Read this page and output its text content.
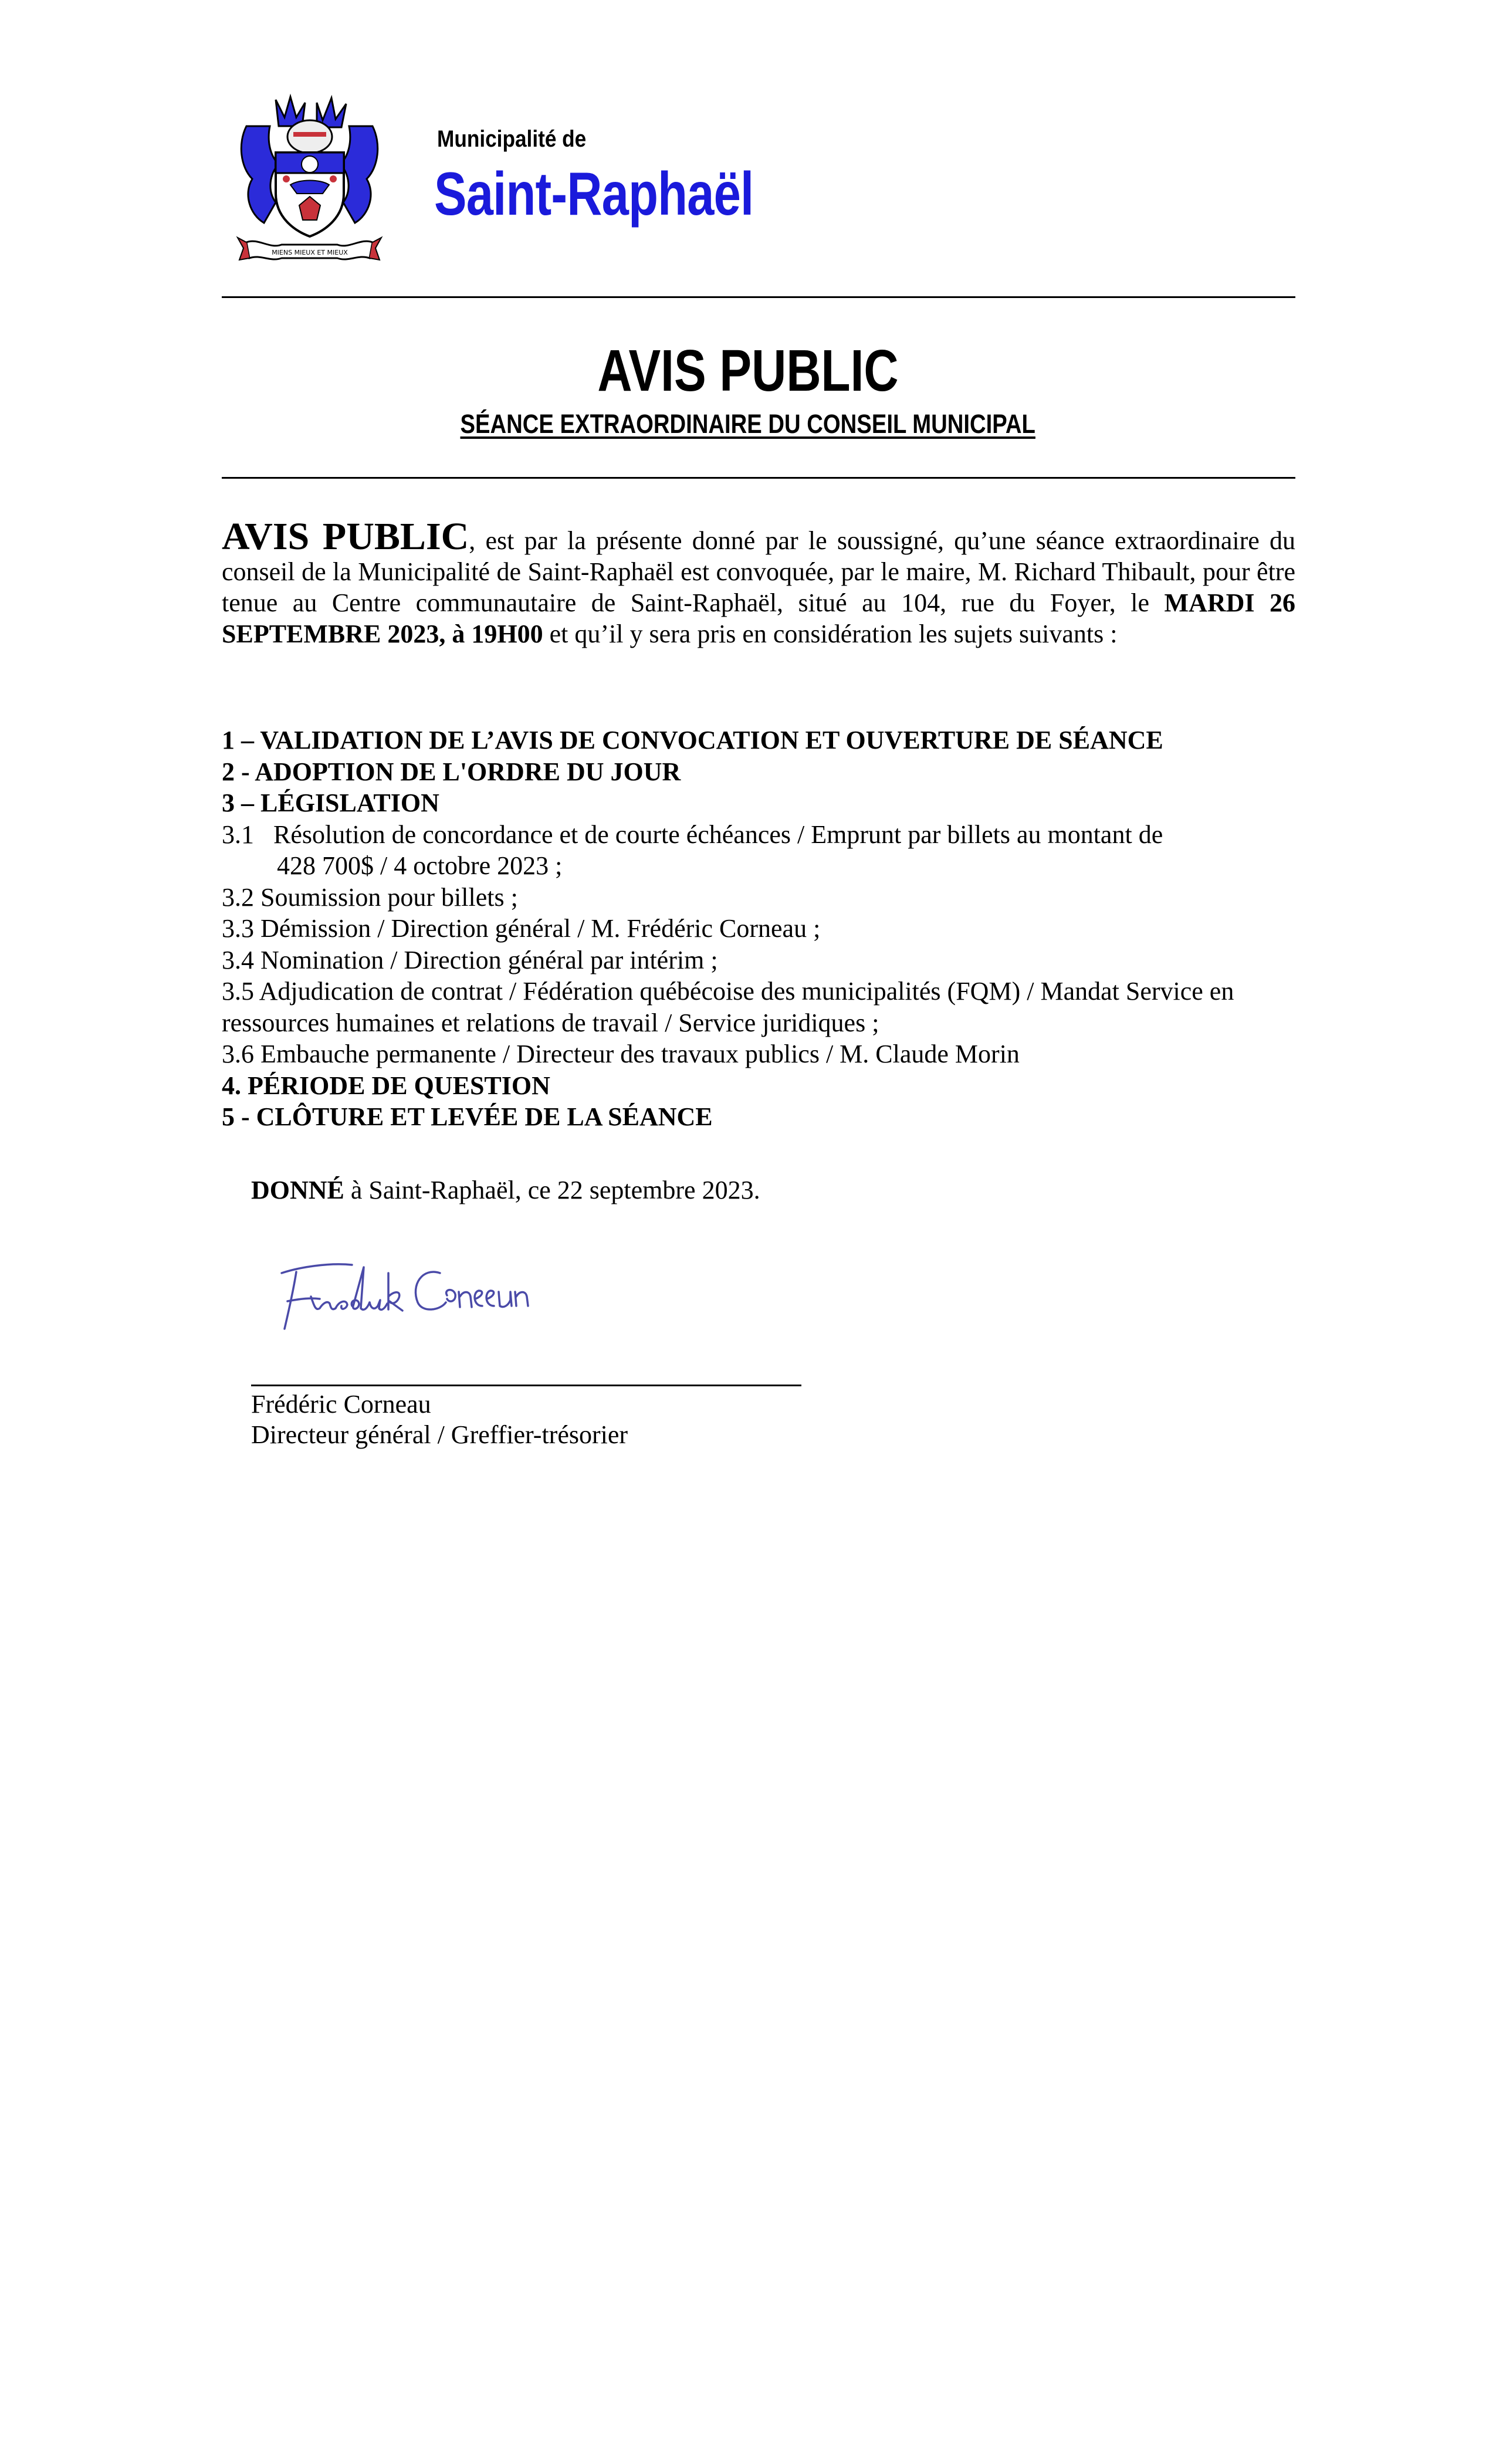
MIENS MIEUX ET MIEUX
Municipalité de
Saint-Raphaël
AVIS PUBLIC
SÉANCE EXTRAORDINAIRE DU CONSEIL MUNICIPAL

AVIS PUBLIC, est par la présente donné par le soussigné, qu’une séance extraordinaire du conseil de la Municipalité de Saint-Raphaël est convoquée, par le maire, M. Richard Thibault, pour être tenue au Centre communautaire de Saint-Raphaël, situé au 104, rue du Foyer, le MARDI 26 SEPTEMBRE 2023, à 19H00 et qu’il y sera pris en considération les sujets suivants :

1 – VALIDATION DE L’AVIS DE CONVOCATION ET OUVERTURE DE SÉANCE
2 - ADOPTION DE L'ORDRE DU JOUR
3 – LÉGISLATION
3.1   Résolution de concordance et de courte échéances / Emprunt par billets au montant de
428 700$ / 4 octobre 2023 ;
3.2 Soumission pour billets ;
3.3 Démission / Direction général / M. Frédéric Corneau ;
3.4 Nomination / Direction général par intérim ;
3.5 Adjudication de contrat / Fédération québécoise des municipalités (FQM) / Mandat Service en ressources humaines et relations de travail / Service juridiques ;
3.6 Embauche permanente / Directeur des travaux publics / M. Claude Morin
4. PÉRIODE DE QUESTION
5 - CLÔTURE ET LEVÉE DE LA SÉANCE
DONNÉ à Saint-Raphaël, ce 22 septembre 2023.
Frédéric Corneau
Frédéric Corneau
Directeur général / Greffier-trésorier
